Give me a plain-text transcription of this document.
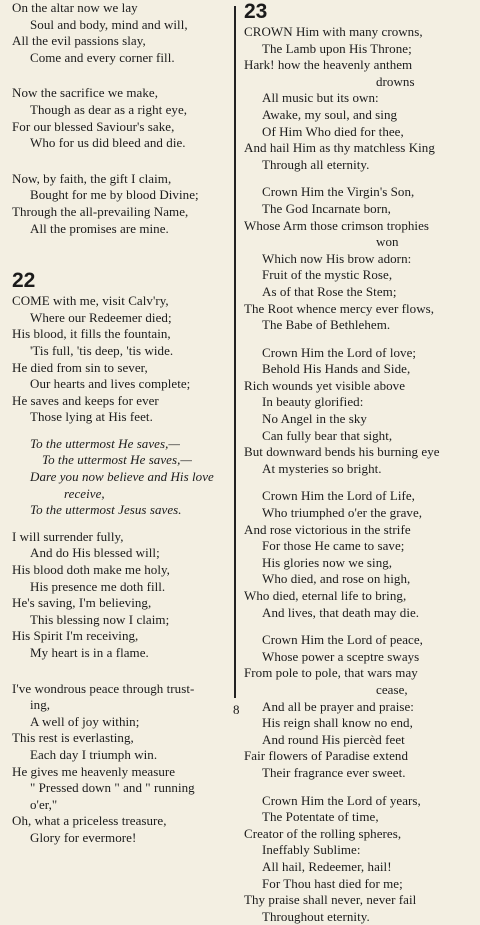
On the altar now we lay
Soul and body, mind and will,
All the evil passions slay,
Come and every corner fill.
Now the sacrifice we make,
Though as dear as a right eye,
For our blessed Saviour's sake,
Who for us did bleed and die.
Now, by faith, the gift I claim,
Bought for me by blood Divine;
Through the all-prevailing Name,
All the promises are mine.
22
COME with me, visit Calv'ry,
Where our Redeemer died;
His blood, it fills the fountain,
'Tis full, 'tis deep, 'tis wide.
He died from sin to sever,
Our hearts and lives complete;
He saves and keeps for ever
Those lying at His feet.
To the uttermost He saves,—
To the uttermost He saves,—
Dare you now believe and His love
receive,
To the uttermost Jesus saves.
I will surrender fully,
And do His blessed will;
His blood doth make me holy,
His presence me doth fill.
He's saving, I'm believing,
This blessing now I claim;
His Spirit I'm receiving,
My heart is in a flame.
I've wondrous peace through trust-
ing,
A well of joy within;
This rest is everlasting,
Each day I triumph win.
He gives me heavenly measure
" Pressed down " and " running
o'er,"
Oh, what a priceless treasure,
Glory for evermore!
23
CROWN Him with many crowns,
The Lamb upon His Throne;
Hark! how the heavenly anthem
drowns
All music but its own:
Awake, my soul, and sing
Of Him Who died for thee,
And hail Him as thy matchless King
Through all eternity.
Crown Him the Virgin's Son,
The God Incarnate born,
Whose Arm those crimson trophies
won
Which now His brow adorn:
Fruit of the mystic Rose,
As of that Rose the Stem;
The Root whence mercy ever flows,
The Babe of Bethlehem.
Crown Him the Lord of love;
Behold His Hands and Side,
Rich wounds yet visible above
In beauty glorified:
No Angel in the sky
Can fully bear that sight,
But downward bends his burning eye
At mysteries so bright.
Crown Him the Lord of Life,
Who triumphed o'er the grave,
And rose victorious in the strife
For those He came to save;
His glories now we sing,
Who died, and rose on high,
Who died, eternal life to bring,
And lives, that death may die.
Crown Him the Lord of peace,
Whose power a sceptre sways
From pole to pole, that wars may
cease,
And all be prayer and praise:
His reign shall know no end,
And round His piercèd feet
Fair flowers of Paradise extend
Their fragrance ever sweet.
Crown Him the Lord of years,
The Potentate of time,
Creator of the rolling spheres,
Ineffably Sublime:
All hail, Redeemer, hail!
For Thou hast died for me;
Thy praise shall never, never fail
Throughout eternity.
8
